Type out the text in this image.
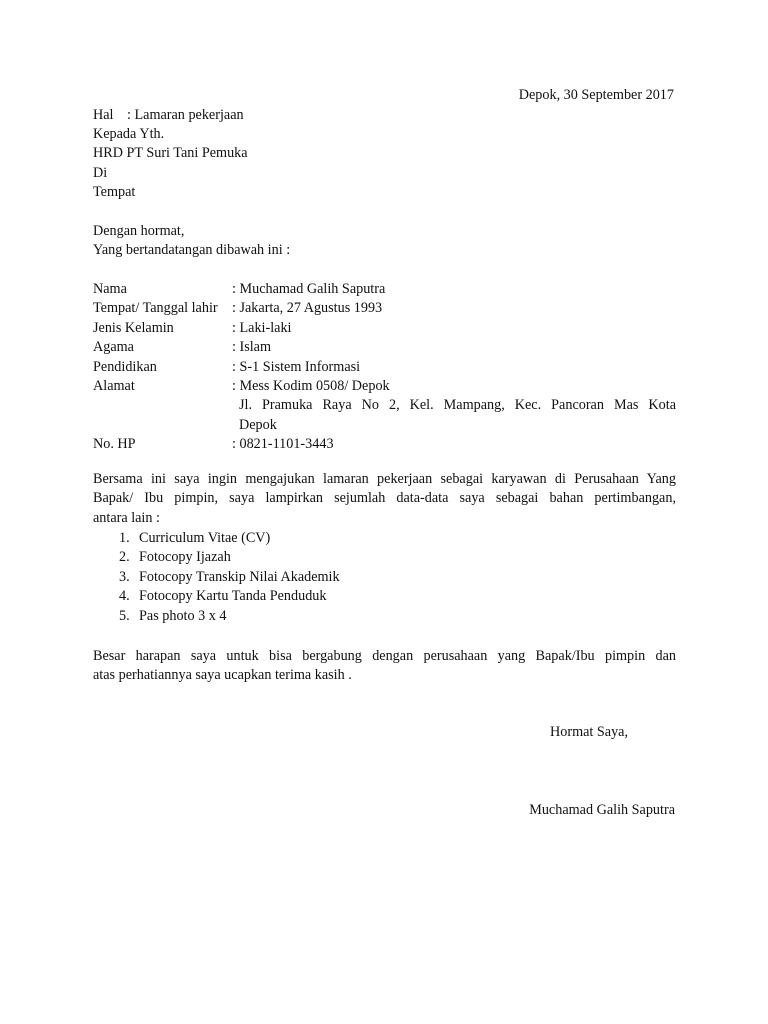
Depok, 30 September 2017
Hal : Lamaran pekerjaan
Kepada Yth.
HRD PT Suri Tani Pemuka
Di
Tempat
Dengan hormat,
Yang bertandatangan dibawah ini :
Nama	: Muchamad Galih Saputra
Tempat/ Tanggal lahir	: Jakarta, 27 Agustus 1993
Jenis Kelamin	: Laki-laki
Agama	: Islam
Pendidikan	: S-1 Sistem Informasi
Alamat	: Mess Kodim 0508/ Depok
Jl. Pramuka Raya No 2, Kel. Mampang, Kec. Pancoran Mas Kota
Depok
No. HP	: 0821-1101-3443
Bersama ini saya ingin mengajukan lamaran pekerjaan sebagai karyawan di Perusahaan Yang
Bapak/ Ibu pimpin, saya lampirkan sejumlah data-data saya sebagai bahan pertimbangan,
antara lain :
1. Curriculum Vitae (CV)
2. Fotocopy Ijazah
3. Fotocopy Transkip Nilai Akademik
4. Fotocopy Kartu Tanda Penduduk
5. Pas photo 3 x 4
Besar harapan saya untuk bisa bergabung dengan perusahaan yang Bapak/Ibu pimpin dan
atas perhatiannya saya ucapkan terima kasih .
Hormat Saya,
Muchamad Galih Saputra
